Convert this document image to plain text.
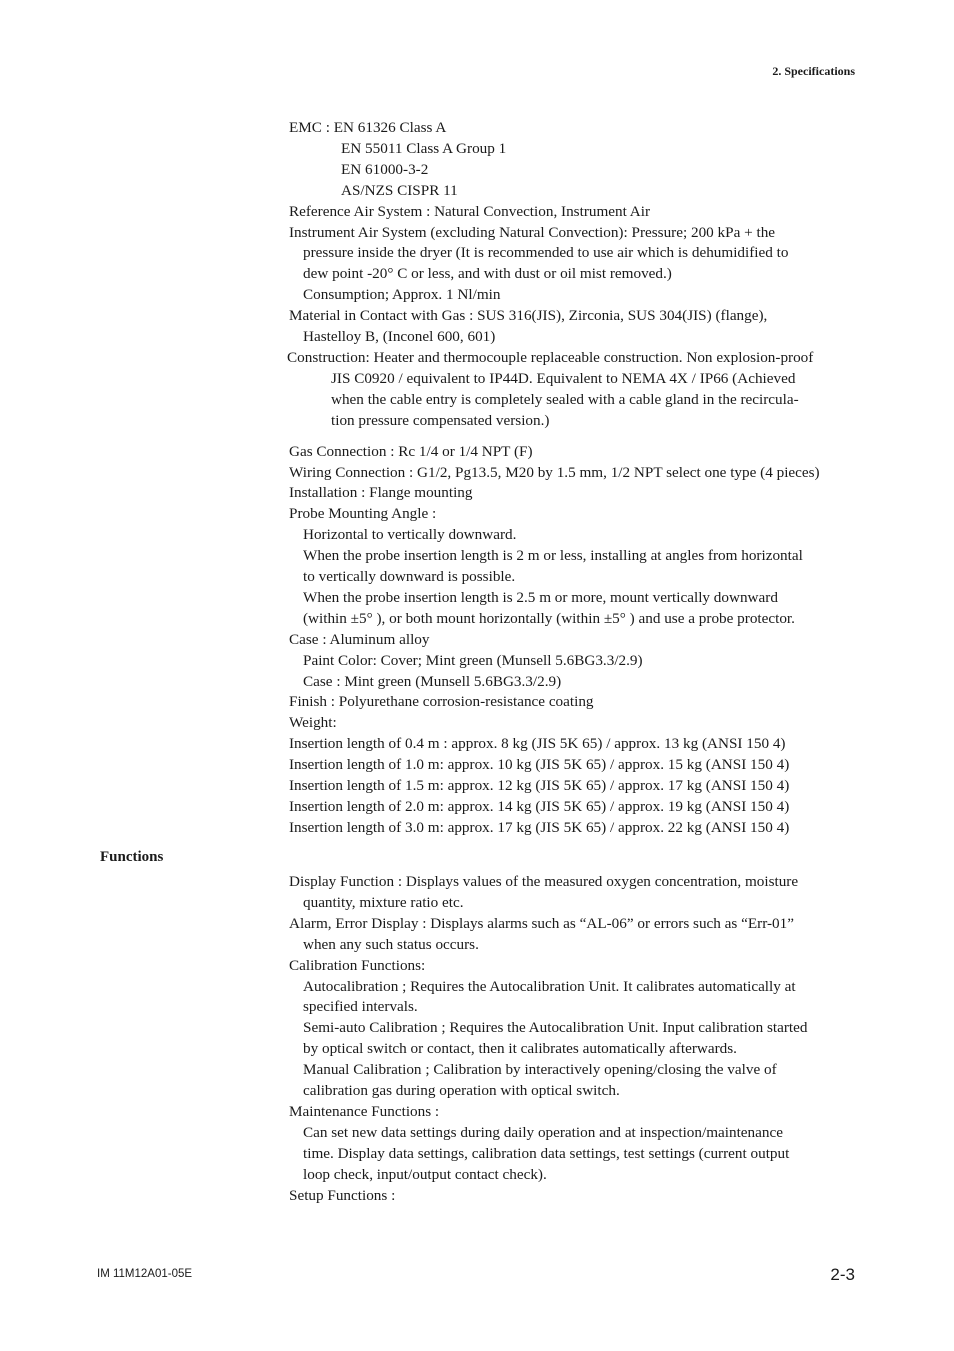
2. Specifications
EMC : EN 61326 Class A
EN 55011 Class A Group 1
EN 61000-3-2
AS/NZS CISPR 11
Reference Air System : Natural Convection, Instrument Air
Instrument Air System (excluding Natural Convection): Pressure; 200 kPa + the
pressure inside the dryer (It is recommended to use air which is dehumidified to
dew point -20° C or less, and with dust or oil mist removed.)
Consumption; Approx. 1 Nl/min
Material in Contact with Gas : SUS 316(JIS), Zirconia, SUS 304(JIS) (flange),
Hastelloy B, (Inconel 600, 601)
Construction: Heater and thermocouple replaceable construction. Non explosion-proof
JIS C0920 / equivalent to IP44D. Equivalent to NEMA 4X / IP66 (Achieved
when the cable entry is completely sealed with a cable gland in the recircula-
tion pressure compensated version.)
Gas Connection : Rc 1/4 or 1/4 NPT (F)
Wiring Connection : G1/2, Pg13.5, M20 by 1.5 mm, 1/2 NPT select one type (4 pieces)
Installation : Flange mounting
Probe Mounting Angle :
Horizontal to vertically downward.
When the probe insertion length is 2 m or less, installing at angles from horizontal
to vertically downward is possible.
When the probe insertion length is 2.5 m or more, mount vertically downward
(within ±5° ), or both mount horizontally (within ±5° ) and use a probe protector.
Case : Aluminum alloy
Paint Color: Cover; Mint green (Munsell 5.6BG3.3/2.9)
Case : Mint green (Munsell 5.6BG3.3/2.9)
Finish : Polyurethane corrosion-resistance coating
Weight:
Insertion length of 0.4 m : approx. 8 kg (JIS 5K 65) / approx. 13 kg (ANSI 150 4)
Insertion length of 1.0 m: approx. 10 kg (JIS 5K 65) / approx. 15 kg (ANSI 150 4)
Insertion length of 1.5 m: approx. 12 kg (JIS 5K 65) / approx. 17 kg (ANSI 150 4)
Insertion length of 2.0 m: approx. 14 kg (JIS 5K 65) / approx. 19 kg (ANSI 150 4)
Insertion length of 3.0 m: approx. 17 kg (JIS 5K 65) / approx. 22 kg (ANSI 150 4)
Functions
Display Function : Displays values of the measured oxygen concentration, moisture
quantity, mixture ratio etc.
Alarm, Error Display : Displays alarms such as “AL-06” or errors such as “Err-01”
when any such status occurs.
Calibration Functions:
Autocalibration ; Requires the Autocalibration Unit. It calibrates automatically at
specified intervals.
Semi-auto Calibration ; Requires the Autocalibration Unit. Input calibration started
by optical switch or contact, then it calibrates automatically afterwards.
Manual Calibration ; Calibration by interactively opening/closing the valve of
calibration gas during operation with optical switch.
Maintenance Functions :
Can set new data settings during daily operation and at inspection/maintenance
time. Display data settings, calibration data settings, test settings (current output
loop check, input/output contact check).
Setup Functions :
IM 11M12A01-05E	2-3
